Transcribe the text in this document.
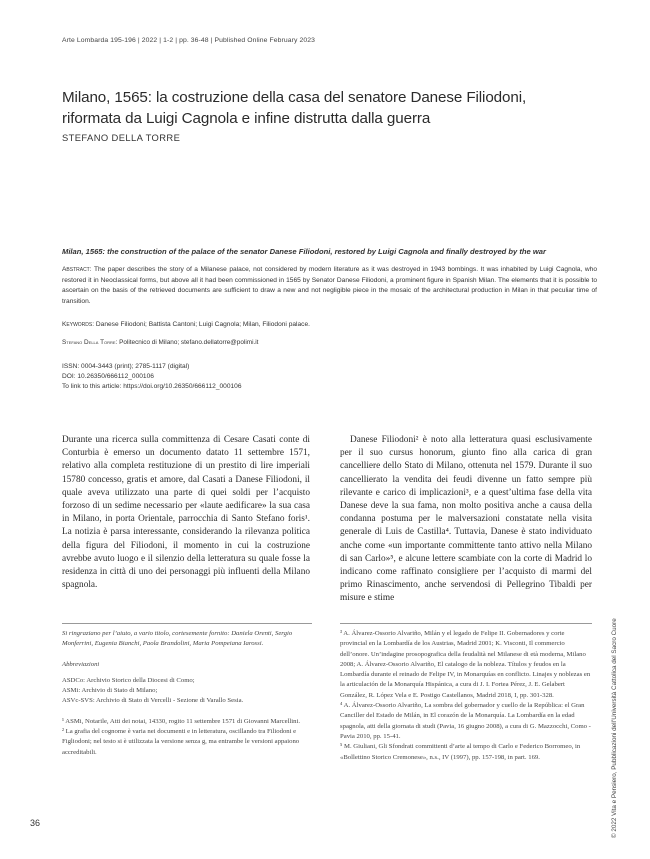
Arte Lombarda 195-196 | 2022 | 1-2 | pp. 36-48 | Published Online February 2023
Milano, 1565: la costruzione della casa del senatore Danese Filiodoni,
riformata da Luigi Cagnola e infine distrutta dalla guerra
STEFANO DELLA TORRE
Milan, 1565: the construction of the palace of the senator Danese Filiodoni, restored by Luigi Cagnola and finally destroyed by the war
Abstract: The paper describes the story of a Milanese palace, not considered by modern literature as it was destroyed in 1943 bombings. It was inhabited by Luigi Cagnola, who restored it in Neoclassical forms, but above all it had been commissioned in 1565 by Senator Danese Filiodoni, a prominent figure in Spanish Milan. The elements that it is possible to ascertain on the basis of the retrieved documents are sufficient to draw a new and not negligible piece in the mosaic of the architectural production in Milan in that peculiar time of transition.
Keywords: Danese Filiodoni; Battista Cantoni; Luigi Cagnola; Milan, Filiodoni palace.
Stefano Della Torre: Politecnico di Milano; stefano.dellatorre@polimi.it
ISSN: 0004-3443 (print); 2785-1117 (digital)
DOI: 10.26350/666112_000106
To link to this article: https://doi.org/10.26350/666112_000106

Durante una ricerca sulla committenza di Cesare Casati conte di Conturbia è emerso un documento datato 11 settembre 1571, relativo alla completa restituzione di un prestito di lire imperiali 15780 concesso, gratis et amore, dal Casati a Danese Filiodoni, il quale aveva utilizzato una parte di quei soldi per l’acquisto forzoso di un sedime necessario per «laute aedificare» la sua casa in Milano, in porta Orientale, parrocchia di Santo Stefano foris¹. La notizia è parsa interessante, considerando la rilevanza politica della figura del Filiodoni, il momento in cui la costruzione avrebbe avuto luogo e il silenzio della letteratura su quale fosse la residenza in città di uno dei personaggi più influenti della Milano spagnola.

Danese Filiodoni² è noto alla letteratura quasi esclusivamente per il suo cursus honorum, giunto fino alla carica di gran cancelliere dello Stato di Milano, ottenuta nel 1579. Durante il suo cancellierato la vendita dei feudi divenne un fatto sempre più rilevante e carico di implicazioni³, e a quest’ultima fase della vita Danese deve la sua fama, non molto positiva anche a causa della condanna postuma per le malversazioni constatate nella visita generale di Luis de Castilla⁴. Tuttavia, Danese è stato individuato anche come «un importante committente tanto attivo nella Milano di san Carlo»⁵, e alcune lettere scambiate con la corte di Madrid lo indicano come raffinato consigliere per l’acquisto di marmi del primo Rinascimento, anche servendosi di Pellegrino Tibaldi per misure e stime

Si ringraziano per l’aiuto, a vario titolo, cortesemente fornito: Daniela Orenti, Sergio Monferrini, Eugenia Bianchi, Paola Brandolini, Maria Pompeiana Iarossi.

Abbreviazioni

ASDCo: Archivio Storico della Diocesi di Como;

ASMi: Archivio di Stato di Milano;

ASVc-SVS: Archivio di Stato di Vercelli - Sezione di Varallo Sesia.

¹ ASMi, Notarile, Atti dei notai, 14330, rogito 11 settembre 1571 di Giovanni Marcellini.

² La grafia del cognome è varia nei documenti e in letteratura, oscillando tra Filiodoni e Figliodoni; nel testo si è utilizzata la versione senza g, ma entrambe le versioni appaiono accreditabili.

³ A. Álvarez-Ossorio Alvariño, Milán y el legado de Felipe II. Gobernadores y corte provincial en la Lombardía de los Austrias, Madrid 2001; K. Visconti, Il commercio dell’onore. Un’indagine prosopografica della feudalità nel Milanese di età moderna, Milano 2008; A. Álvarez-Ossorio Alvariño, El catalogo de la nobleza. Títulos y feudos en la Lombardía durante el reinado de Felipe IV, in Monarquías en conflicto. Linajes y noblezas en la articulación de la Monarquía Hispánica, a cura di J. I. Fortea Pérez, J. E. Gelabert González, R. López Vela e E. Postigo Castellanos, Madrid 2018, I, pp. 301-328.

⁴ A. Álvarez-Ossorio Alvariño, La sombra del gobernador y cuello de la República: el Gran Canciller del Estado de Milán, in El corazón de la Monarquía. La Lombardía en la edad spagnola, atti della giornata di studi (Pavia, 16 giugno 2008), a cura di G. Mazzocchi, Como - Pavia 2010, pp. 15-41.

⁵ M. Giuliani, Gli Sfondrati committenti d’arte al tempo di Carlo e Federico Borromeo, in «Bollettino Storico Cremonese», n.s., IV (1997), pp. 157-198, in part. 169.

36	© 2022 Vita e Pensiero, Pubblicazioni dell’Università Cattolica del Sacro Cuore
